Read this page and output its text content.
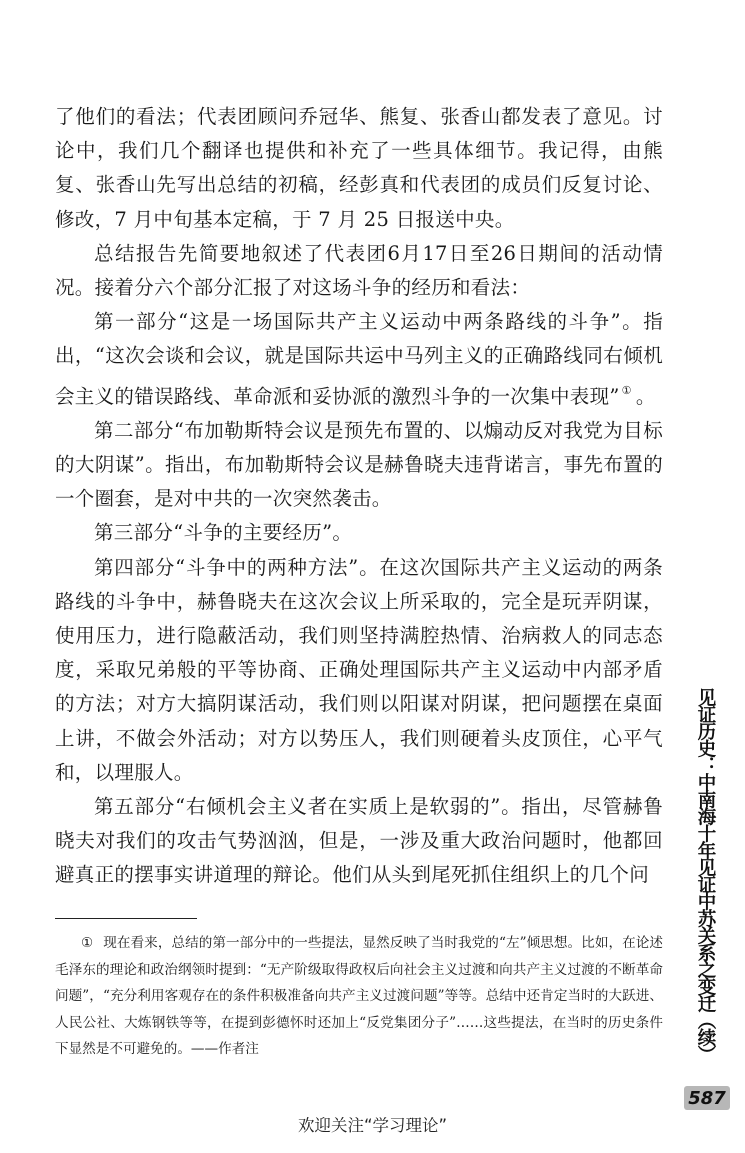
了他们的看法；代表团顾问乔冠华、熊复、张香山都发表了意见。讨论中，我们几个翻译也提供和补充了一些具体细节。我记得，由熊复、张香山先写出总结的初稿，经彭真和代表团的成员们反复讨论、修改，7 月中旬基本定稿，于 7 月 25 日报送中央。

总结报告先简要地叙述了代表团6月17日至26日期间的活动情况。接着分六个部分汇报了对这场斗争的经历和看法：

第一部分“这是一场国际共产主义运动中两条路线的斗争”。指出，“这次会谈和会议，就是国际共运中马列主义的正确路线同右倾机会主义的错误路线、革命派和妥协派的激烈斗争的一次集中表现” ① 。

第二部分“布加勒斯特会议是预先布置的、以煽动反对我党为目标的大阴谋”。指出，布加勒斯特会议是赫鲁晓夫违背诺言，事先布置的一个圈套，是对中共的一次突然袭击。

第三部分“斗争的主要经历”。

第四部分“斗争中的两种方法”。在这次国际共产主义运动的两条路线的斗争中，赫鲁晓夫在这次会议上所采取的，完全是玩弄阴谋，使用压力，进行隐蔽活动，我们则坚持满腔热情、治病救人的同志态度，采取兄弟般的平等协商、正确处理国际共产主义运动中内部矛盾的方法；对方大搞阴谋活动，我们则以阳谋对阴谋，把问题摆在桌面上讲，不做会外活动；对方以势压人，我们则硬着头皮顶住，心平气和，以理服人。

第五部分“右倾机会主义者在实质上是软弱的”。指出，尽管赫鲁晓夫对我们的攻击气势汹汹，但是，一涉及重大政治问题时，他都回避真正的摆事实讲道理的辩论。他们从头到尾死抓住组织上的几个问

① 现在看来，总结的第一部分中的一些提法，显然反映了当时我党的“左”倾思想。比如，在论述毛泽东的理论和政治纲领时提到：“无产阶级取得政权后向社会主义过渡和向共产主义过渡的不断革命问题”，“充分利用客观存在的条件积极准备向共产主义过渡问题”等等。总结中还肯定当时的大跃进、人民公社、大炼钢铁等等，在提到彭德怀时还加上“反党集团分子”……这些提法，在当时的历史条件下显然是不可避免的。——作者注	见证历史：中南海十年见证中苏关系之变迁（续）
587
欢迎关注“学习理论”
